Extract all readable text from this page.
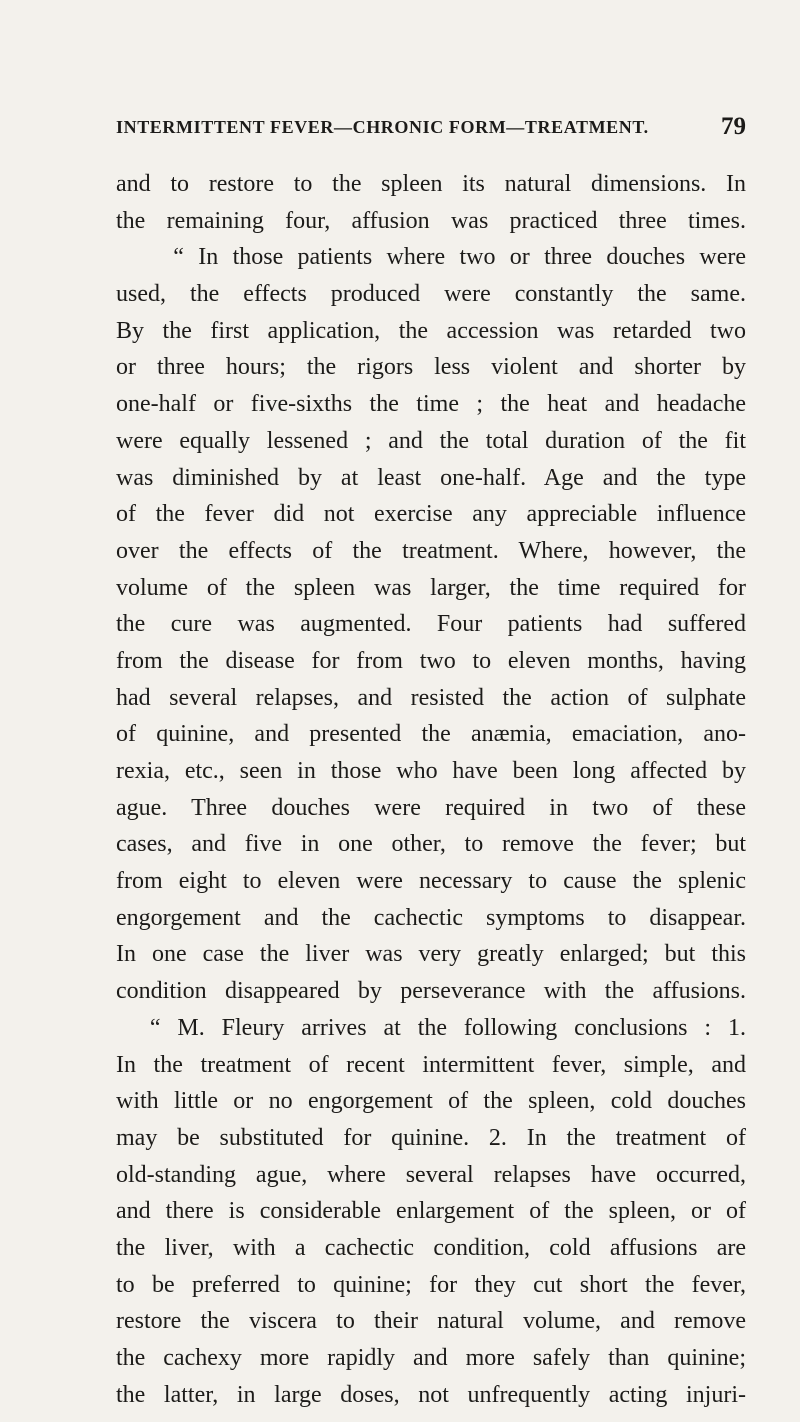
INTERMITTENT FEVER—CHRONIC FORM—TREATMENT.	79
and to restore to the spleen its natural dimensions. In
the remaining four, affusion was practiced three times.
“ In those patients where two or three douches were
used, the effects produced were constantly the same.
By the first application, the accession was retarded two
or three hours; the rigors less violent and shorter by
one-half or five-sixths the time ; the heat and headache
were equally lessened ; and the total duration of the fit
was diminished by at least one-half. Age and the type
of the fever did not exercise any appreciable influence
over the effects of the treatment. Where, however, the
volume of the spleen was larger, the time required for
the cure was augmented. Four patients had suffered
from the disease for from two to eleven months, having
had several relapses, and resisted the action of sulphate
of quinine, and presented the anæmia, emaciation, ano-
rexia, etc., seen in those who have been long affected by
ague. Three douches were required in two of these
cases, and five in one other, to remove the fever; but
from eight to eleven were necessary to cause the splenic
engorgement and the cachectic symptoms to disappear.
In one case the liver was very greatly enlarged; but this
condition disappeared by perseverance with the affusions.
“ M. Fleury arrives at the following conclusions : 1.
In the treatment of recent intermittent fever, simple, and
with little or no engorgement of the spleen, cold douches
may be substituted for quinine. 2. In the treatment of
old-standing ague, where several relapses have occurred,
and there is considerable enlargement of the spleen, or of
the liver, with a cachectic condition, cold affusions are
to be preferred to quinine; for they cut short the fever,
restore the viscera to their natural volume, and remove
the cachexy more rapidly and more safely than quinine;
the latter, in large doses, not unfrequently acting injuri-
